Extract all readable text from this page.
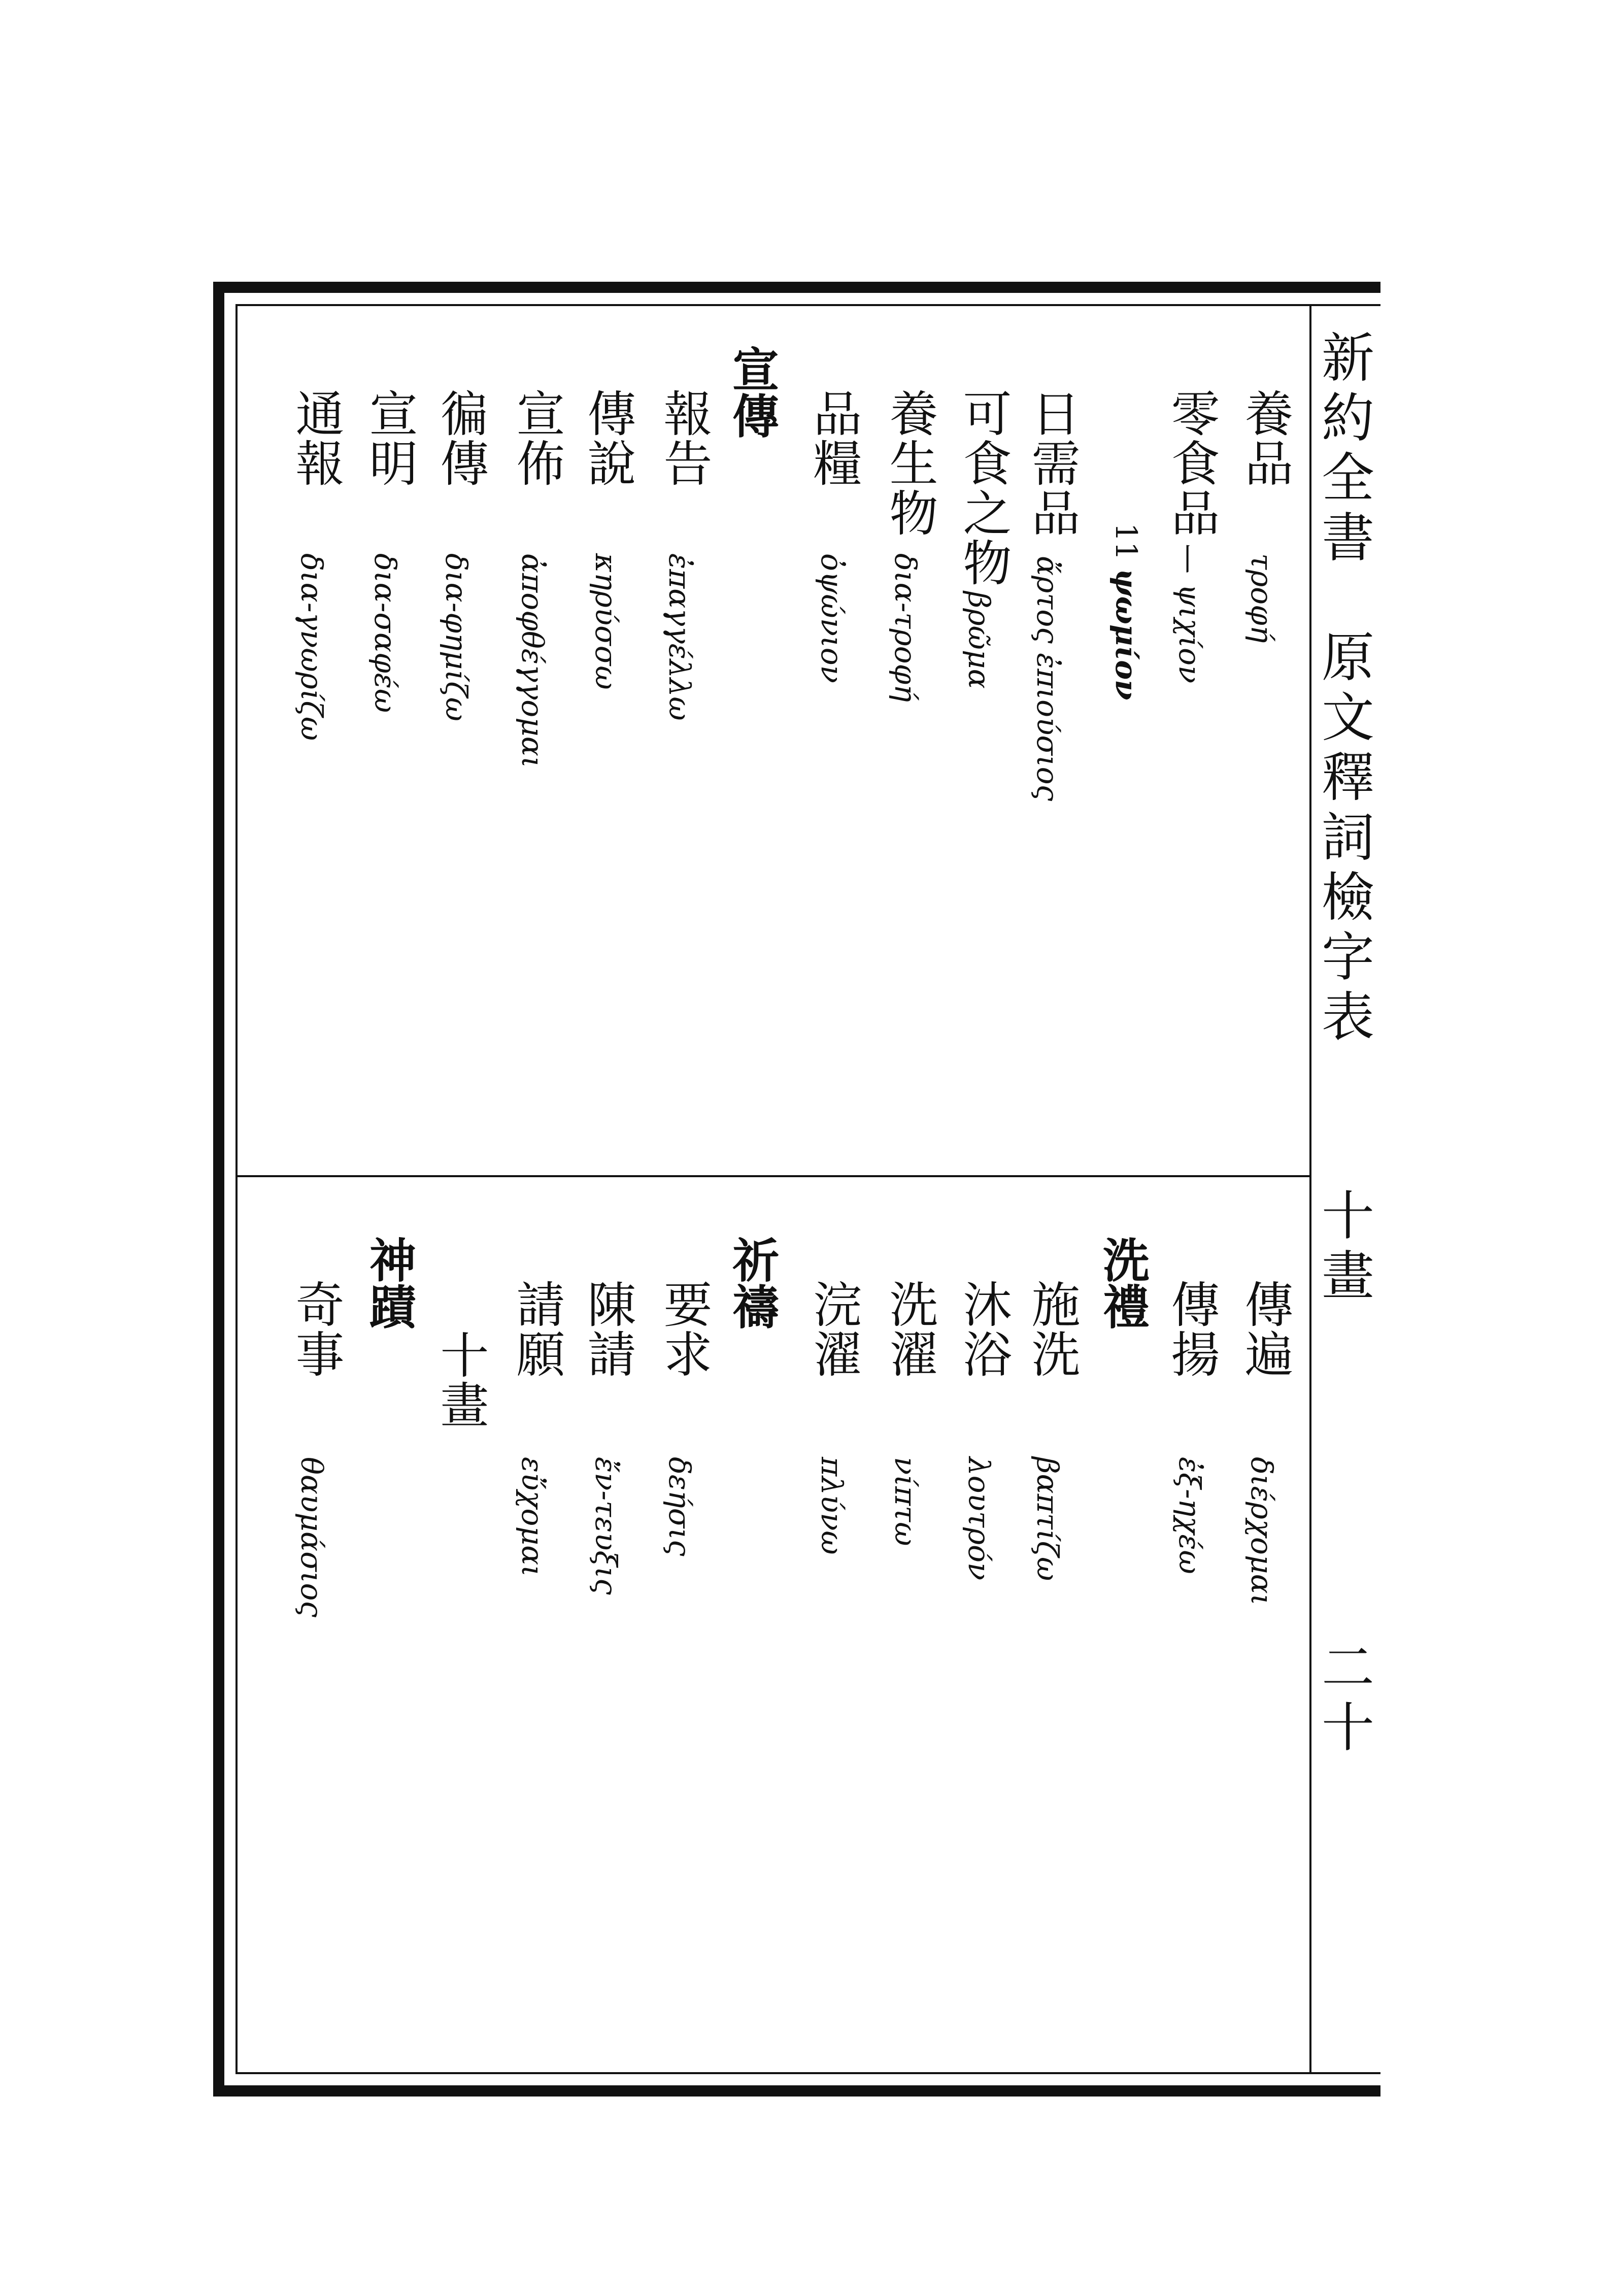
新約全書
原文釋詞檢字表
十畫
二十
養品
τροφή
零食品
丨
ψιχίον
11
ψωμίον
日需品
ἄρτος ἐπιούσιος
可食之物
βρῶμα
養生物
δια-τροφή
品糧
ὀψώνιον
宣傳
報告
ἐπαγγέλλω
傳說
κηρύσσω
宣佈
ἀποφθέγγομαι
徧傳
δια-φημίζω
宣明
δια-σαφέω
通報
δια-γνωρίζω
傳遍
διέρχομαι
傳揚
ἐξ-ηχέω
洗禮
施洗
βαπτίζω
沐浴
λουτρόν
洗濯
νίπτω
浣濯
πλύνω
祈禱
要求
δεήσις
陳請
ἔν-τευξις
請願
εὔχομαι
十畫
神蹟
奇事
θαυμάσιος
